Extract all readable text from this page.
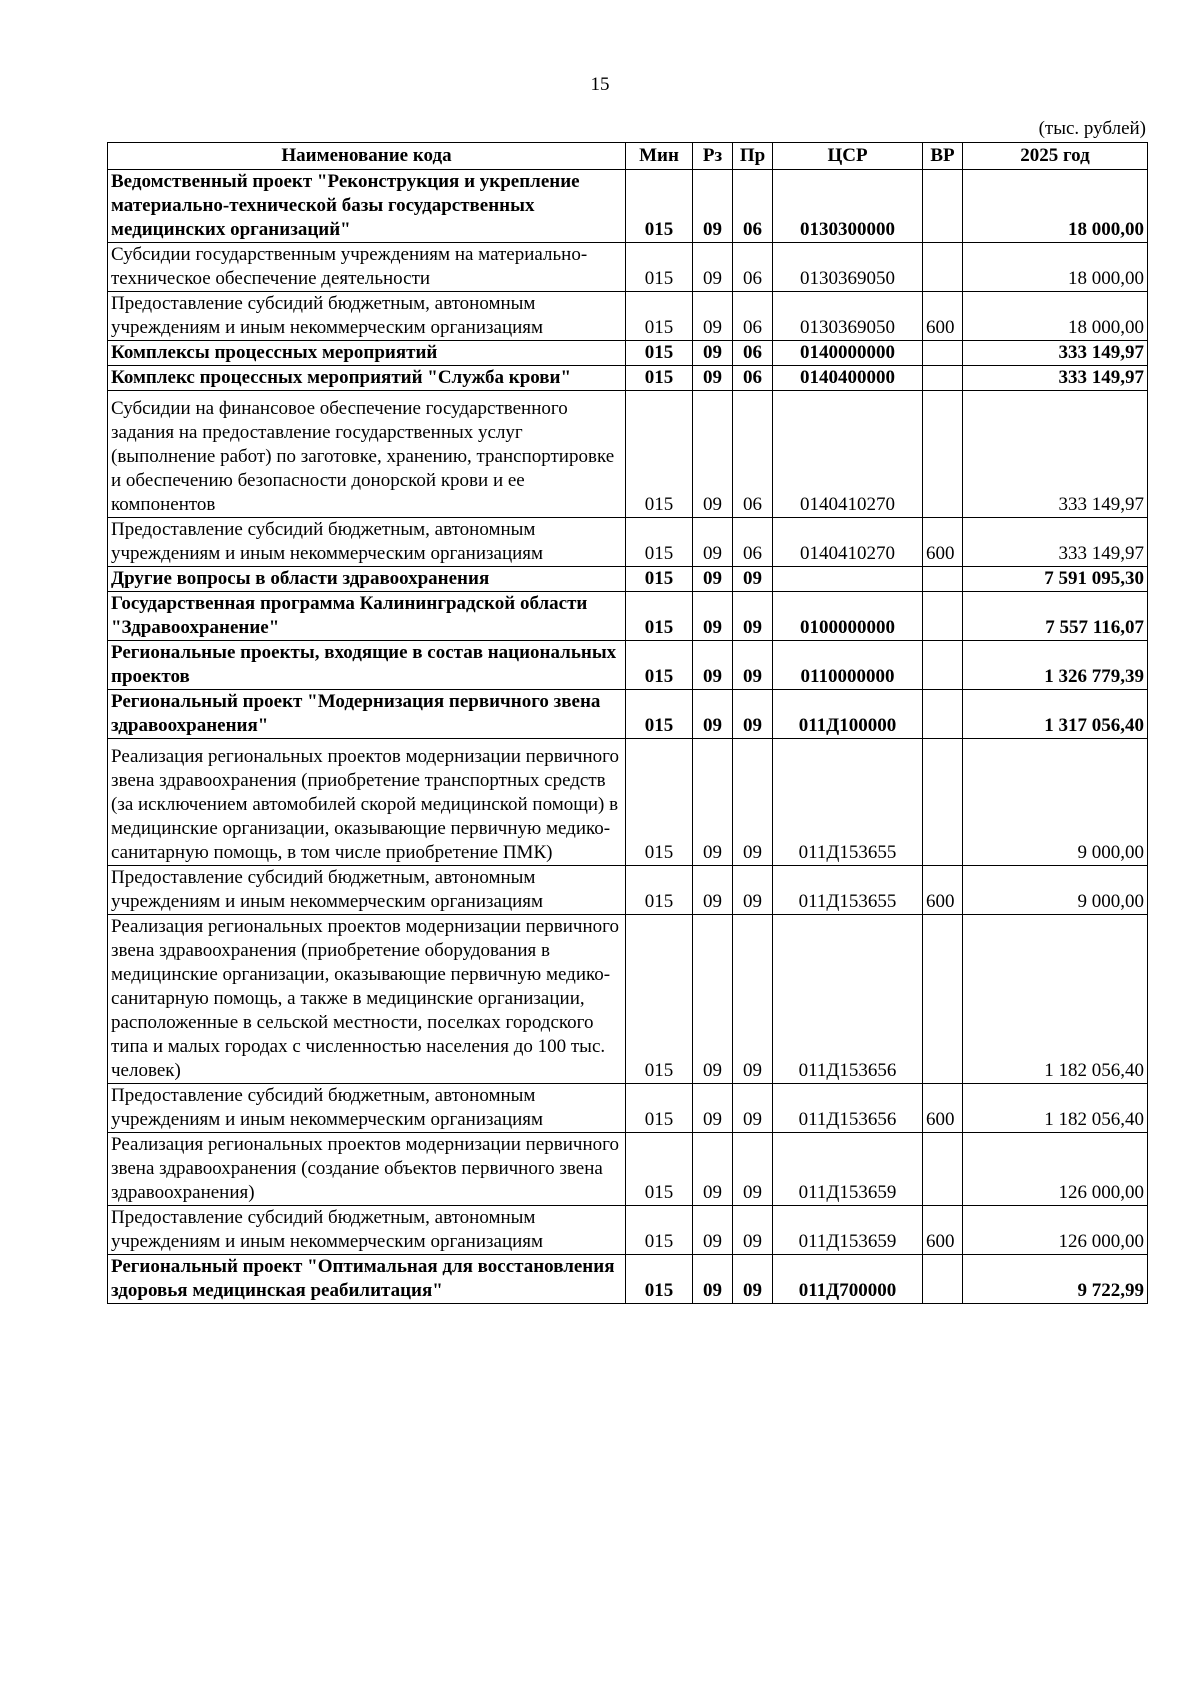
15
(тыс. рублей)
Наименование кода	Мин	Рз	Пр	ЦСР	ВР	2025 год
Ведомственный проект "Реконструкция и укрепление материально-технической базы государственных медицинских организаций"	015	09	06	0130300000		18 000,00
Субсидии государственным учреждениям на материально-техническое обеспечение деятельности	015	09	06	0130369050		18 000,00
Предоставление субсидий бюджетным, автономным учреждениям и иным некоммерческим организациям	015	09	06	0130369050	600	18 000,00
Комплексы процессных мероприятий	015	09	06	0140000000		333 149,97
Комплекс процессных мероприятий "Служба крови"	015	09	06	0140400000		333 149,97
Субсидии на финансовое обеспечение государственного задания на предоставление государственных услуг (выполнение работ) по заготовке, хранению, транспортировке и обеспечению безопасности донорской крови и ее компонентов	015	09	06	0140410270		333 149,97
Предоставление субсидий бюджетным, автономным учреждениям и иным некоммерческим организациям	015	09	06	0140410270	600	333 149,97
Другие вопросы в области здравоохранения	015	09	09			7 591 095,30
Государственная программа Калининградской области "Здравоохранение"	015	09	09	0100000000		7 557 116,07
Региональные проекты, входящие в состав национальных проектов	015	09	09	0110000000		1 326 779,39
Региональный проект "Модернизация первичного звена здравоохранения"	015	09	09	011Д100000		1 317 056,40
Реализация региональных проектов модернизации первичного звена здравоохранения (приобретение транспортных средств (за исключением автомобилей скорой медицинской помощи) в медицинские организации, оказывающие первичную медико-санитарную помощь, в том числе приобретение ПМК)	015	09	09	011Д153655		9 000,00
Предоставление субсидий бюджетным, автономным учреждениям и иным некоммерческим организациям	015	09	09	011Д153655	600	9 000,00
Реализация региональных проектов модернизации первичного звена здравоохранения (приобретение оборудования в медицинские организации, оказывающие первичную медико-санитарную помощь, а также в медицинские организации, расположенные в сельской местности, поселках городского типа и малых городах с численностью населения до 100 тыс. человек)	015	09	09	011Д153656		1 182 056,40
Предоставление субсидий бюджетным, автономным учреждениям и иным некоммерческим организациям	015	09	09	011Д153656	600	1 182 056,40
Реализация региональных проектов модернизации первичного звена здравоохранения (создание объектов первичного звена здравоохранения)	015	09	09	011Д153659		126 000,00
Предоставление субсидий бюджетным, автономным учреждениям и иным некоммерческим организациям	015	09	09	011Д153659	600	126 000,00
Региональный проект "Оптимальная для восстановления здоровья медицинская реабилитация"	015	09	09	011Д700000		9 722,99
